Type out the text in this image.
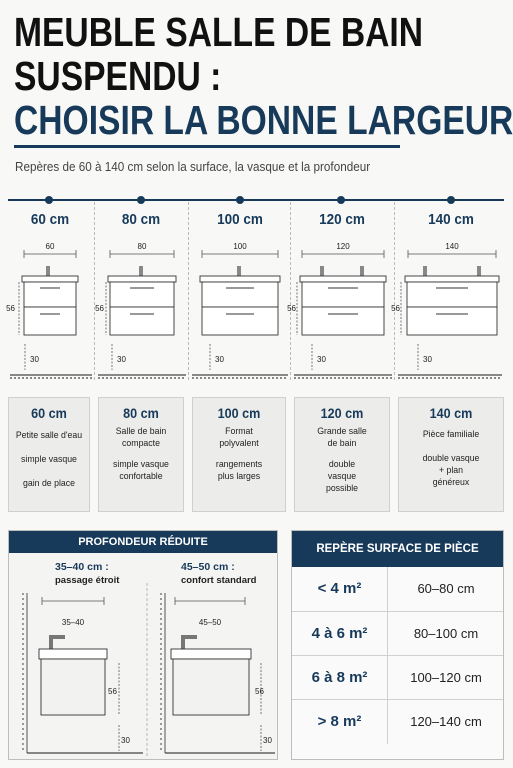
MEUBLE SALLE DE BAIN
SUSPENDU :
CHOISIR LA BONNE LARGEUR
Repères de 60 à 140 cm selon la surface, la vasque et la profondeur
60 cm	80 cm	100 cm	120 cm	140 cm
60
56
30
80
56
30
100
30
120
56
30
140
56
30
60 cm
Petite salle d'eau
simple vasque
gain de place
80 cm
Salle de bain compacte
simple vasque confortable
100 cm
Format polyvalent
rangements plus larges
120 cm
Grande salle de bain
double vasque possible
140 cm
Pièce familiale
double vasque + plan généreux
PROFONDEUR RÉDUITE
35–40 cm :
passage étroit
45–50 cm :
confort standard
35–40
56
30
45–50
56
30
REPÈRE SURFACE DE PIÈCE
< 4 m²	60–80 cm
4 à 6 m²	80–100 cm
6 à 8 m²	100–120 cm
> 8 m²	120–140 cm
